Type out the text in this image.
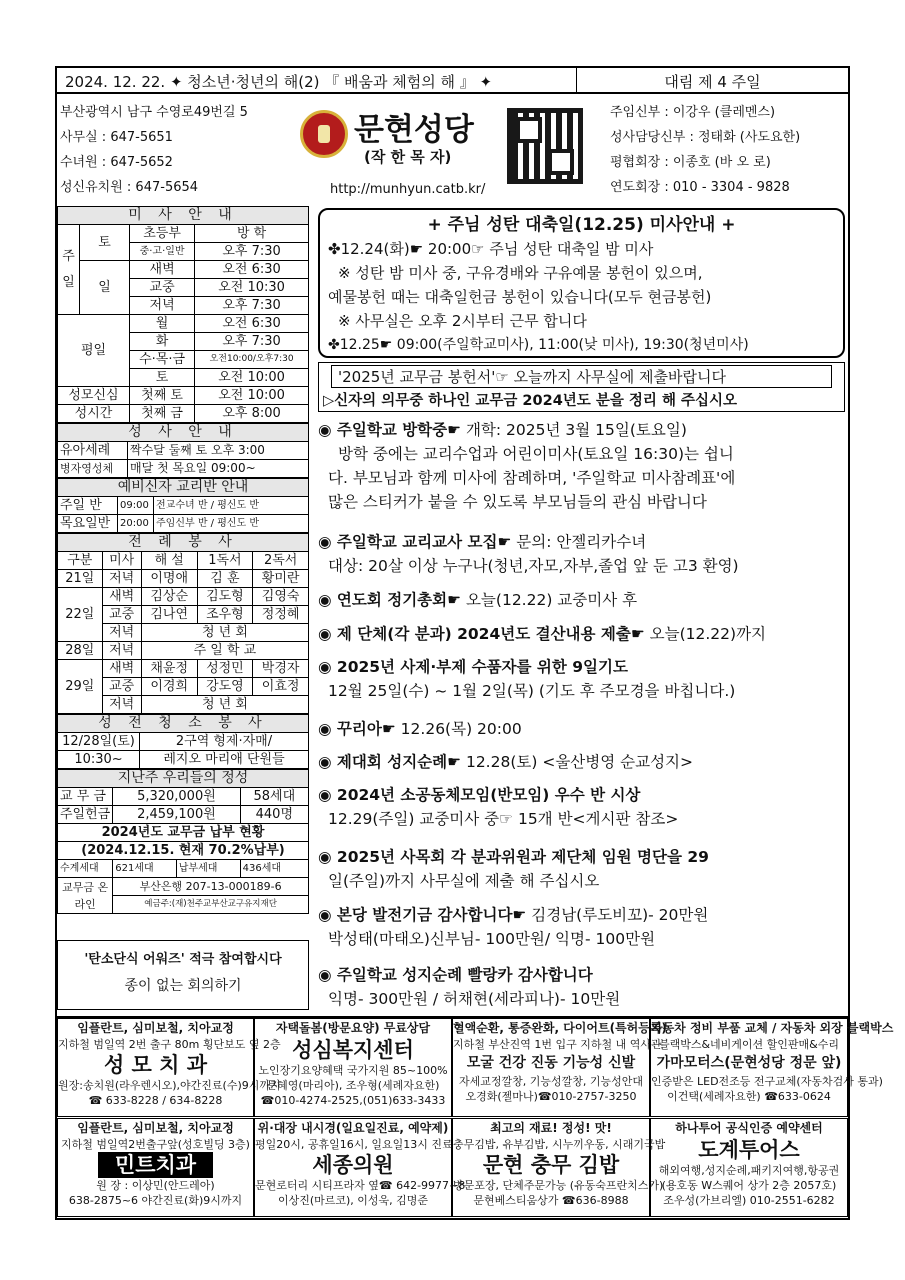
2024. 12. 22. ✦ 청소년·청년의 해(2) 『 배움과 체험의 해 』 ✦	대림 제 4 주일
부산광역시 남구 수영로49번길 5
사무실 : 647-5651
수녀원 : 647-5652
성신유치원 : 647-5654
문현성당
(작 한 목 자)
http://munhyun.catb.kr/
주임신부 : 이강우 (클레멘스)
성사담당신부 : 정태화 (사도요한)
평협회장 : 이종호 (바 오 로)
연도회장 : 010 - 3304 - 9828
미 사 안 내			
주일	토	초등부	방 학
		중·고·일반	오후 7:30
	일	새벽	오전 6:30
		교중	오전 10:30
		저녁	오후 7:30
평일		월	오전 6:30
		화	오후 7:30
		수·목·금	오전10:00/오후7:30
		토	오전 10:00
성모신심		첫째 토	오전 10:00
성시간		첫째 금	오후 8:00
성 사 안 내	
유아세례	짝수달 둘째 토 오후 3:00
병자영성체	매달 첫 목요일 09:00~
예비신자 교리반 안내		
주일 반	09:00	전교수녀 반 / 평신도 반
목요일반	20:00	주임신부 반 / 평신도 반
전 례 봉 사				
구분	미사	해 설	1독서	2독서
21일	저녁	이명애	김 훈	황미란
22일	새벽	김상순	김도형	김영숙
	교중	김나연	조우형	정정혜
	저녁	청 년 회		
28일	저녁	주 일 학 교		
29일	새벽	채윤정	성정민	박경자
	교중	이경희	강도영	이효정
	저녁	청 년 회		
성 전 청 소 봉 사	
12/28일(토)	2구역 형제·자매/
10:30~	레지오 마리애 단원들
지난주 우리들의 정성			
교 무 금	5,320,000원		58세대
주일헌금	2,459,100원		440명
2024년도 교무금 납부 현황			
(2024.12.15. 현재 70.2%납부)			
수계세대	621세대	납부세대	436세대
교무금 온라인	부산은행 207-13-000189-6		
	예금주:(재)천주교부산교구유지재단		
'탄소단식 어워즈' 적극 참여합시다
종이 없는 회의하기
+ 주님 성탄 대축일(12.25) 미사안내 +
✤12.24(화)☛ 20:00☞ 주님 성탄 대축일 밤 미사
※ 성탄 밤 미사 중, 구유경배와 구유예물 봉헌이 있으며,
예물봉헌 때는 대축일헌금 봉헌이 있습니다(모두 현금봉헌)
※ 사무실은 오후 2시부터 근무 합니다
✤12.25☛ 09:00(주일학교미사), 11:00(낮 미사), 19:30(청년미사)
'2025년 교무금 봉헌서'☞ 오늘까지 사무실에 제출바랍니다
▷신자의 의무중 하나인 교무금 2024년도 분을 정리 해 주십시오
◉ 주일학교 방학중☛ 개학: 2025년 3월 15일(토요일)
방학 중에는 교리수업과 어린이미사(토요일 16:30)는 쉽니
다. 부모님과 함께 미사에 참례하며, '주일학교 미사참례표'에
많은 스티커가 붙을 수 있도록 부모님들의 관심 바랍니다
◉ 주일학교 교리교사 모집☛ 문의: 안젤리카수녀
대상: 20살 이상 누구나(청년,자모,자부,졸업 앞 둔 고3 환영)
◉ 연도회 정기총회☛ 오늘(12.22) 교중미사 후
◉ 제 단체(각 분과) 2024년도 결산내용 제출☛ 오늘(12.22)까지
◉ 2025년 사제·부제 수품자를 위한 9일기도
12월 25일(수) ~ 1월 2일(목) (기도 후 주모경을 바칩니다.)
◉ 꾸리아☛ 12.26(목) 20:00
◉ 제대회 성지순례☛ 12.28(토) <울산병영 순교성지>
◉ 2024년 소공동체모임(반모임) 우수 반 시상
12.29(주일) 교중미사 중☞ 15개 반<게시판 참조>
◉ 2025년 사목회 각 분과위원과 제단체 임원 명단을 29
일(주일)까지 사무실에 제출 해 주십시오
◉ 본당 발전기금 감사합니다☛ 김경남(루도비꼬)- 20만원
박성태(마태오)신부님- 100만원/ 익명- 100만원
◉ 주일학교 성지순례 빨랑카 감사합니다
익명- 300만원 / 허채현(세라피나)- 10만원
임플란트, 심미보철, 치아교정
지하철 범일역 2번 출구 80m 횡단보도 옆 2층
성 모 치 과
원장:송치원(라우렌시오),야간진료(수)9시까지
☎ 633-8228 / 634-8228
자택돌봄(방문요양) 무료상담
성심복지센터
노인장기요양혜택 국가지원 85~100%
문혜영(마리아), 조우형(세례자요한)
☎010-4274-2525,(051)633-3433
혈액순환, 통증완화, 다이어트(특허등록)
지하철 부산진역 1번 입구 지하철 내 역사관
모굴 건강 진동 기능성 신발
자세교정깔창, 기능성깔창, 기능성안대
오경화(젤마나)☎010-2757-3250
자동차 정비 부품 교체 / 자동차 외장 블랙박스
블랙박스&네비게이션 할인판매&수리
가마모터스(문현성당 정문 앞)
인증받은 LED전조등 전구교체(자동차검사 통과)
이건택(세례자요한) ☎633-0624
임플란트, 심미보철, 치아교정
지하철 범일역2번출구앞(성호빌딩 3층)
민트치과
원 장 : 이상민(안드레아)
638-2875~6 야간진료(화)9시까지
위·대장 내시경(일요일진료, 예약제)
평일20시, 공휴일16시, 일요일13시 진료
세종의원
문현로터리 시티프라자 옆☎ 642-9977~8
이상진(마르코), 이성욱, 김명준
최고의 재료! 정성! 맛!
충무김밥, 유부김밥, 시누끼우동, 시래기국밥
문현 충무 김밥
방문포장, 단체주문가능 (유동숙프란치스카)
문현베스티움상가 ☎636-8988
하나투어 공식인증 예약센터
도계투어스
해외여행,성지순례,패키지여행,항공권
(용호동 W스퀘어 상가 2층 2057호)
조우성(가브리엘) 010-2551-6282
